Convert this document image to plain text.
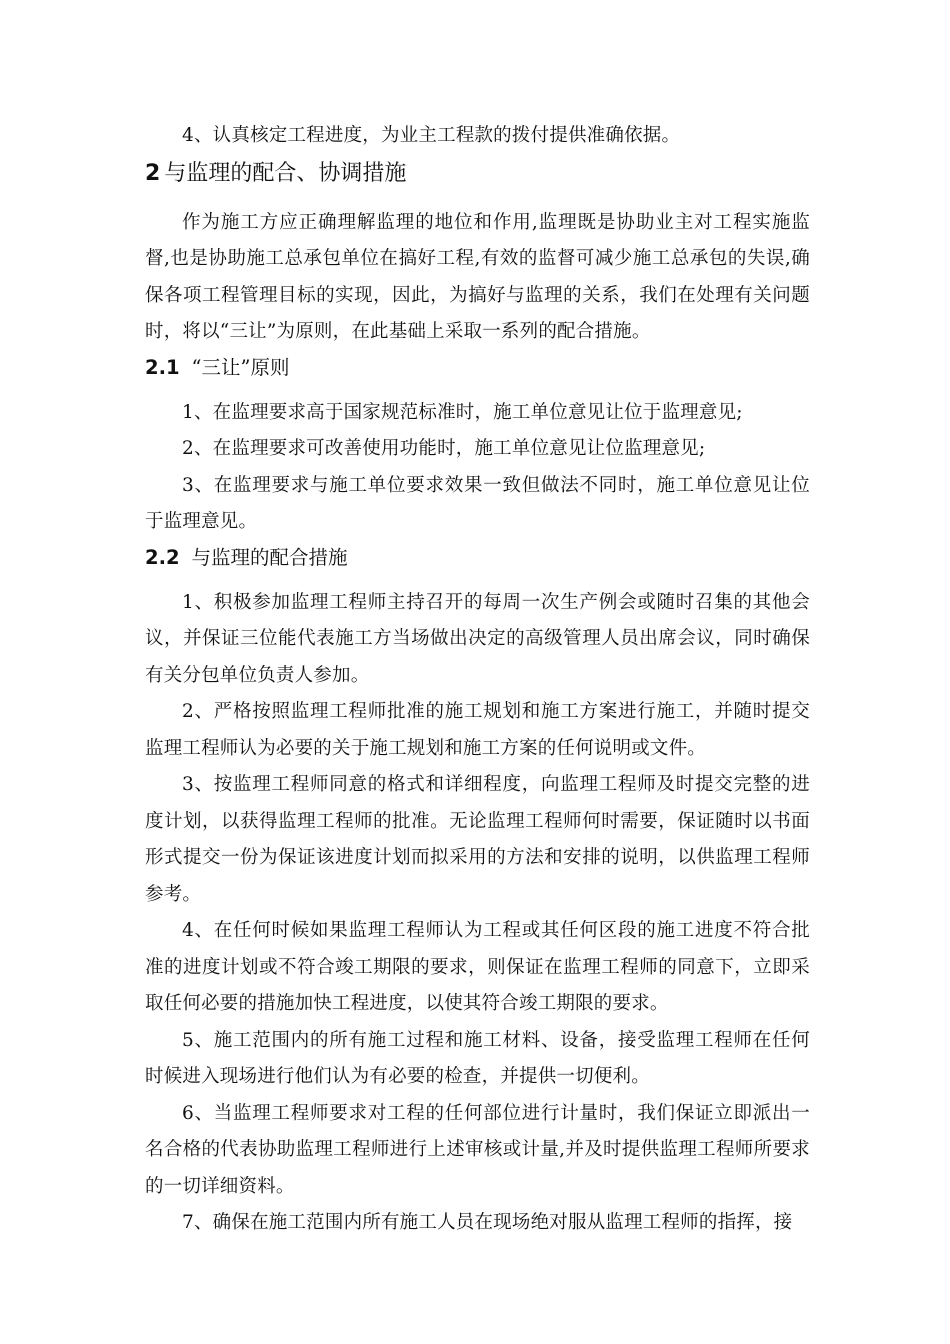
4、认真核定工程进度，为业主工程款的拨付提供准确依据。

2 与监理的配合、协调措施

作为施工方应正确理解监理的地位和作用,监理既是协助业主对工程实施监督,也是协助施工总承包单位在搞好工程,有效的监督可减少施工总承包的失误,确保各项工程管理目标的实现，因此，为搞好与监理的关系，我们在处理有关问题时，将以“三让”为原则，在此基础上采取一系列的配合措施。

2.1 “三让”原则

1、在监理要求高于国家规范标准时，施工单位意见让位于监理意见;

2、在监理要求可改善使用功能时，施工单位意见让位监理意见;

3、在监理要求与施工单位要求效果一致但做法不同时，施工单位意见让位于监理意见。

2.2 与监理的配合措施

1、积极参加监理工程师主持召开的每周一次生产例会或随时召集的其他会议，并保证三位能代表施工方当场做出决定的高级管理人员出席会议，同时确保有关分包单位负责人参加。

2、严格按照监理工程师批准的施工规划和施工方案进行施工，并随时提交监理工程师认为必要的关于施工规划和施工方案的任何说明或文件。

3、按监理工程师同意的格式和详细程度，向监理工程师及时提交完整的进度计划，以获得监理工程师的批准。无论监理工程师何时需要，保证随时以书面形式提交一份为保证该进度计划而拟采用的方法和安排的说明，以供监理工程师参考。

4、在任何时候如果监理工程师认为工程或其任何区段的施工进度不符合批准的进度计划或不符合竣工期限的要求，则保证在监理工程师的同意下，立即采取任何必要的措施加快工程进度，以使其符合竣工期限的要求。

5、施工范围内的所有施工过程和施工材料、设备，接受监理工程师在任何时候进入现场进行他们认为有必要的检查，并提供一切便利。

6、当监理工程师要求对工程的任何部位进行计量时，我们保证立即派出一名合格的代表协助监理工程师进行上述审核或计量,并及时提供监理工程师所要求的一切详细资料。

7、确保在施工范围内所有施工人员在现场绝对服从监理工程师的指挥，接
